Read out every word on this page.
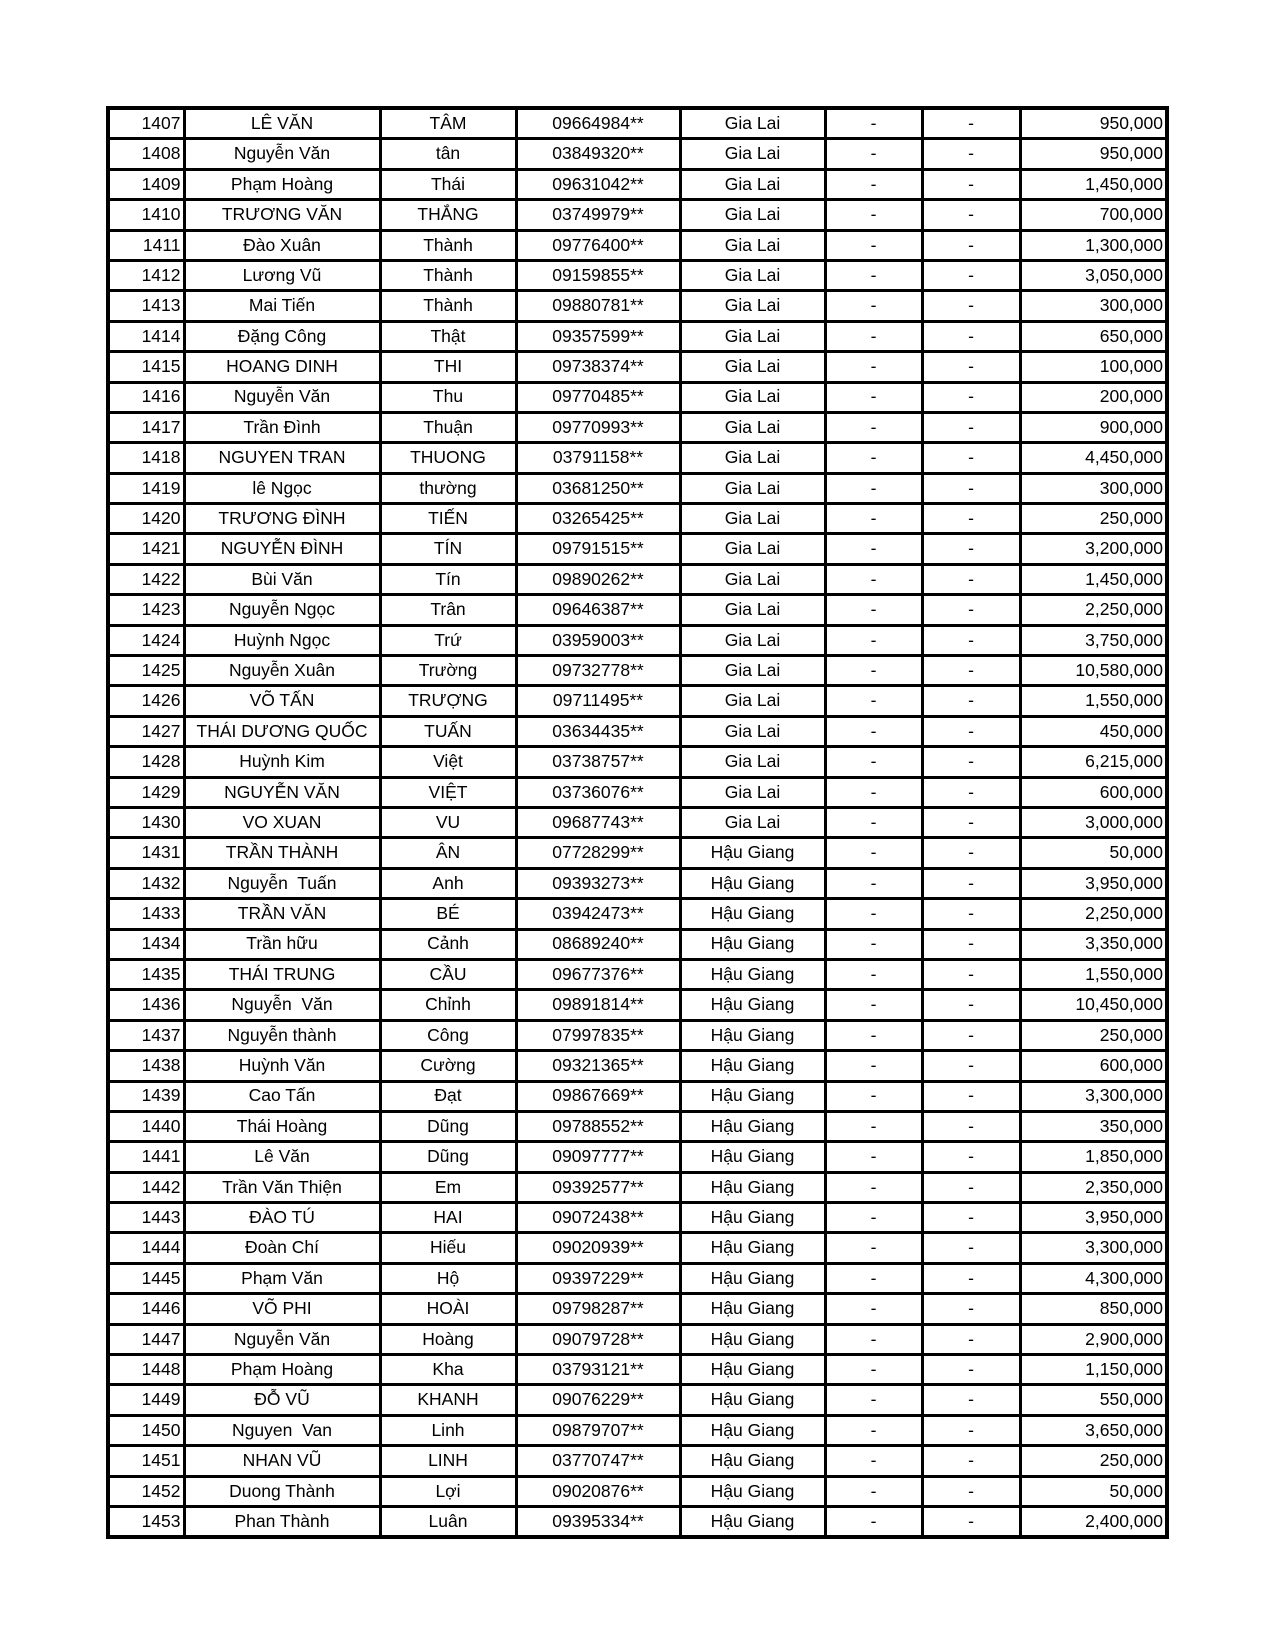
1407	LÊ VĂN	TÂM	09664984**	Gia Lai	-	-	950,000
1408	Nguyễn Văn	tân	03849320**	Gia Lai	-	-	950,000
1409	Phạm Hoàng	Thái	09631042**	Gia Lai	-	-	1,450,000
1410	TRƯƠNG VĂN	THẮNG	03749979**	Gia Lai	-	-	700,000
1411	Đào Xuân	Thành	09776400**	Gia Lai	-	-	1,300,000
1412	Lương Vũ	Thành	09159855**	Gia Lai	-	-	3,050,000
1413	Mai Tiến	Thành	09880781**	Gia Lai	-	-	300,000
1414	Đặng Công	Thật	09357599**	Gia Lai	-	-	650,000
1415	HOANG DINH	THI	09738374**	Gia Lai	-	-	100,000
1416	Nguyễn Văn	Thu	09770485**	Gia Lai	-	-	200,000
1417	Trần Đình	Thuận	09770993**	Gia Lai	-	-	900,000
1418	NGUYEN TRAN	THUONG	03791158**	Gia Lai	-	-	4,450,000
1419	lê Ngọc	thường	03681250**	Gia Lai	-	-	300,000
1420	TRƯƠNG ĐÌNH	TIẾN	03265425**	Gia Lai	-	-	250,000
1421	NGUYỄN ĐÌNH	TÍN	09791515**	Gia Lai	-	-	3,200,000
1422	Bùi Văn	Tín	09890262**	Gia Lai	-	-	1,450,000
1423	Nguyễn Ngọc	Trân	09646387**	Gia Lai	-	-	2,250,000
1424	Huỳnh Ngọc	Trứ	03959003**	Gia Lai	-	-	3,750,000
1425	Nguyễn Xuân	Trường	09732778**	Gia Lai	-	-	10,580,000
1426	VÕ TẤN	TRƯỢNG	09711495**	Gia Lai	-	-	1,550,000
1427	THÁI DƯƠNG QUỐC	TUẤN	03634435**	Gia Lai	-	-	450,000
1428	Huỳnh Kim	Việt	03738757**	Gia Lai	-	-	6,215,000
1429	NGUYỄN VĂN	VIỆT	03736076**	Gia Lai	-	-	600,000
1430	VO XUAN	VU	09687743**	Gia Lai	-	-	3,000,000
1431	TRẦN THÀNH	ÂN	07728299**	Hậu Giang	-	-	50,000
1432	Nguyễn  Tuấn	Anh	09393273**	Hậu Giang	-	-	3,950,000
1433	TRẦN VĂN	BÉ	03942473**	Hậu Giang	-	-	2,250,000
1434	Trần hữu	Cảnh	08689240**	Hậu Giang	-	-	3,350,000
1435	THÁI TRUNG	CẦU	09677376**	Hậu Giang	-	-	1,550,000
1436	Nguyễn  Văn	Chỉnh	09891814**	Hậu Giang	-	-	10,450,000
1437	Nguyễn thành	Công	07997835**	Hậu Giang	-	-	250,000
1438	Huỳnh Văn	Cường	09321365**	Hậu Giang	-	-	600,000
1439	Cao Tấn	Đạt	09867669**	Hậu Giang	-	-	3,300,000
1440	Thái Hoàng	Dũng	09788552**	Hậu Giang	-	-	350,000
1441	Lê Văn	Dũng	09097777**	Hậu Giang	-	-	1,850,000
1442	Trần Văn Thiện	Em	09392577**	Hậu Giang	-	-	2,350,000
1443	ĐÀO TÚ	HAI	09072438**	Hậu Giang	-	-	3,950,000
1444	Đoàn Chí	Hiếu	09020939**	Hậu Giang	-	-	3,300,000
1445	Phạm Văn	Hộ	09397229**	Hậu Giang	-	-	4,300,000
1446	VÕ PHI	HOÀI	09798287**	Hậu Giang	-	-	850,000
1447	Nguyễn Văn	Hoàng	09079728**	Hậu Giang	-	-	2,900,000
1448	Phạm Hoàng	Kha	03793121**	Hậu Giang	-	-	1,150,000
1449	ĐỖ VŨ	KHANH	09076229**	Hậu Giang	-	-	550,000
1450	Nguyen  Van	Linh	09879707**	Hậu Giang	-	-	3,650,000
1451	NHAN VŨ	LINH	03770747**	Hậu Giang	-	-	250,000
1452	Duong Thành	Lợi	09020876**	Hậu Giang	-	-	50,000
1453	Phan Thành	Luân	09395334**	Hậu Giang	-	-	2,400,000
